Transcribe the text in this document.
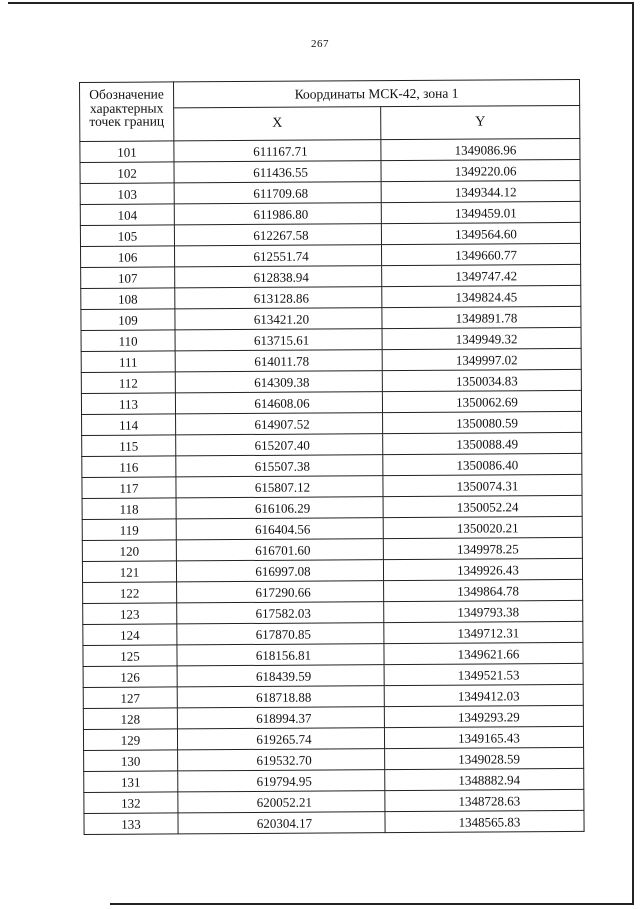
267
Обозначение характерных точек границ	Координаты МСК-42, зона 1	
	X	Y
101	611167.71	1349086.96
102	611436.55	1349220.06
103	611709.68	1349344.12
104	611986.80	1349459.01
105	612267.58	1349564.60
106	612551.74	1349660.77
107	612838.94	1349747.42
108	613128.86	1349824.45
109	613421.20	1349891.78
110	613715.61	1349949.32
111	614011.78	1349997.02
112	614309.38	1350034.83
113	614608.06	1350062.69
114	614907.52	1350080.59
115	615207.40	1350088.49
116	615507.38	1350086.40
117	615807.12	1350074.31
118	616106.29	1350052.24
119	616404.56	1350020.21
120	616701.60	1349978.25
121	616997.08	1349926.43
122	617290.66	1349864.78
123	617582.03	1349793.38
124	617870.85	1349712.31
125	618156.81	1349621.66
126	618439.59	1349521.53
127	618718.88	1349412.03
128	618994.37	1349293.29
129	619265.74	1349165.43
130	619532.70	1349028.59
131	619794.95	1348882.94
132	620052.21	1348728.63
133	620304.17	1348565.83
